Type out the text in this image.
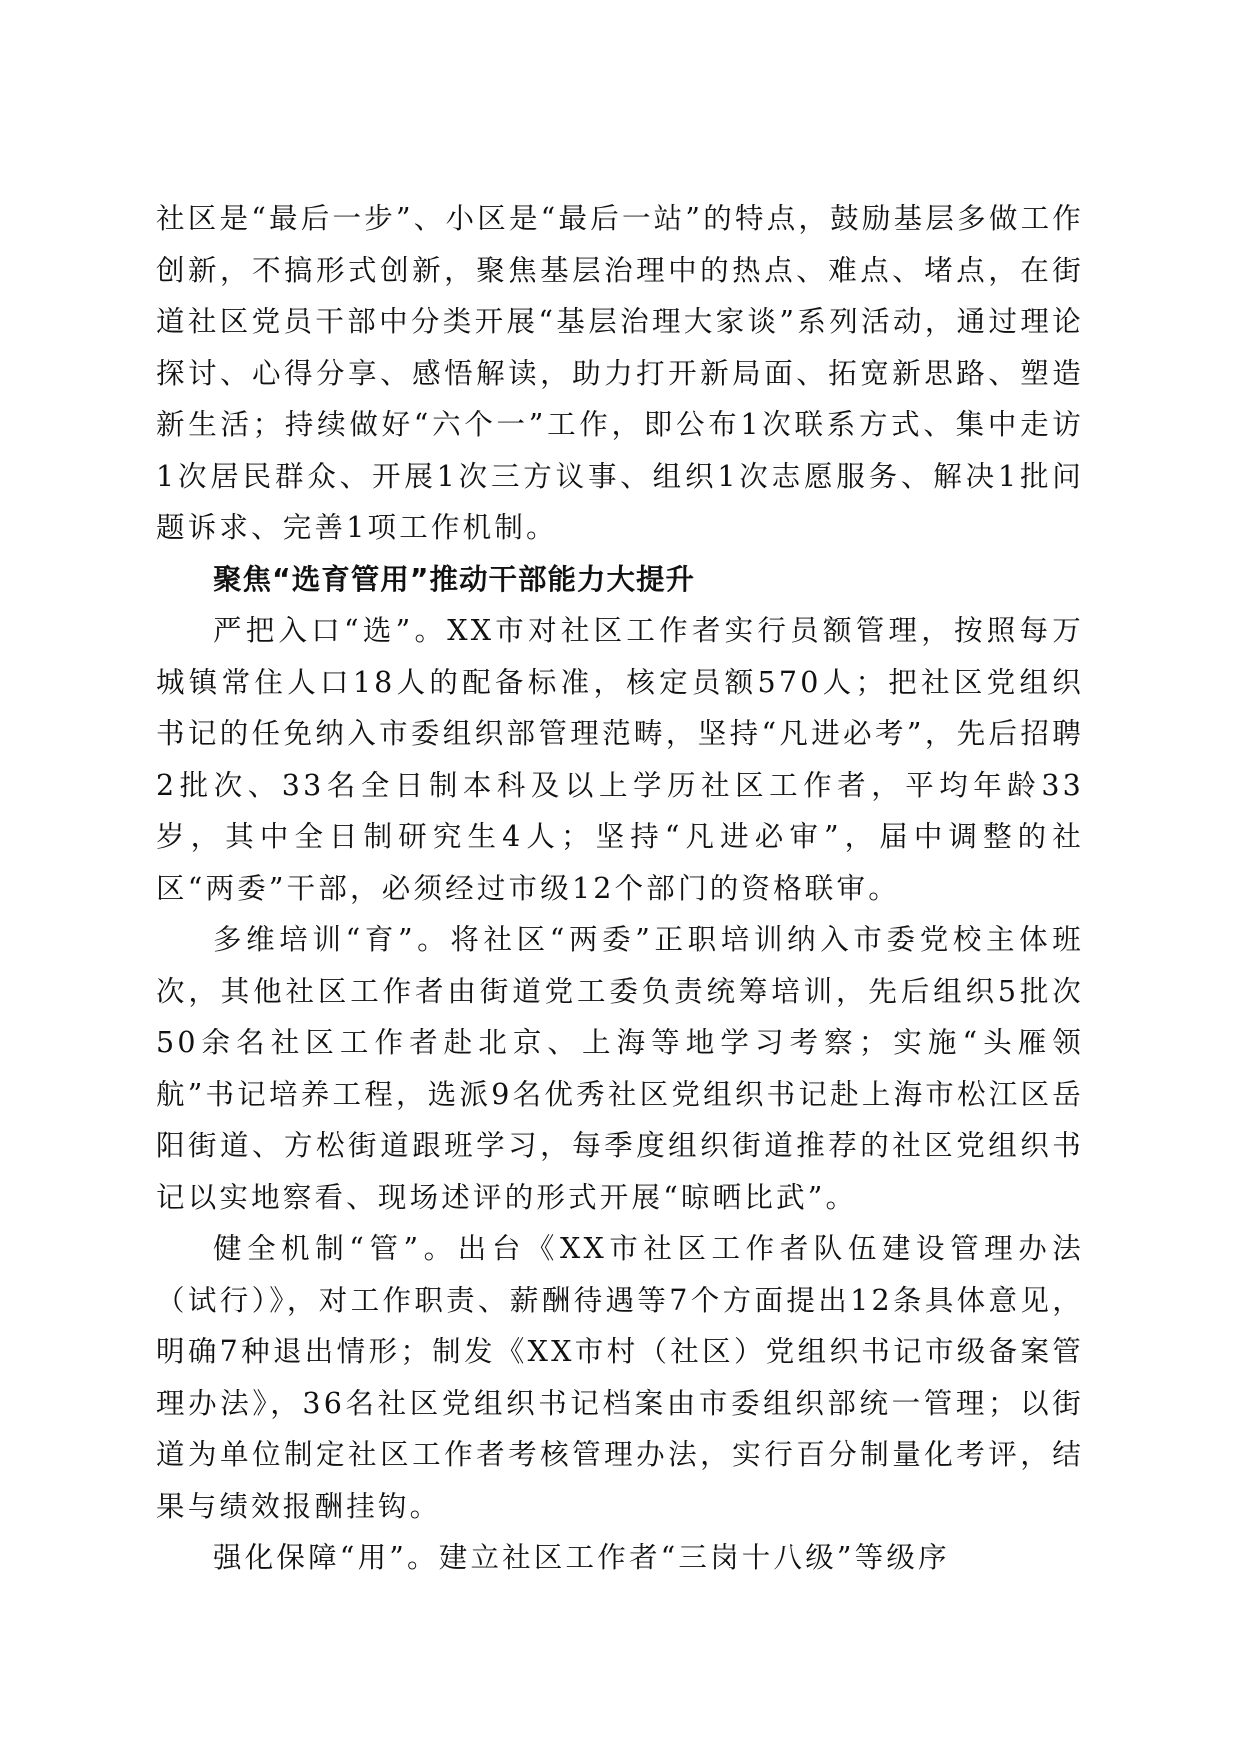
社区是“最后一步”、小区是“最后一站”的特点，鼓励基层多做工作创新，不搞形式创新，聚焦基层治理中的热点、难点、堵点，在街道社区党员干部中分类开展“基层治理大家谈”系列活动，通过理论探讨、心得分享、感悟解读，助力打开新局面、拓宽新思路、塑造新生活；持续做好“六个一”工作，即公布1次联系方式、集中走访1次居民群众、开展1次三方议事、组织1次志愿服务、解决1批问题诉求、完善1项工作机制。

聚焦“选育管用”推动干部能力大提升

严把入口“选”。XX市对社区工作者实行员额管理，按照每万城镇常住人口18人的配备标准，核定员额570人；把社区党组织书记的任免纳入市委组织部管理范畴，坚持“凡进必考”，先后招聘2批次、33名全日制本科及以上学历社区工作者，平均年龄33岁，其中全日制研究生4人；坚持“凡进必审”，届中调整的社区“两委”干部，必须经过市级12个部门的资格联审。

多维培训“育”。将社区“两委”正职培训纳入市委党校主体班次，其他社区工作者由街道党工委负责统筹培训，先后组织5批次50余名社区工作者赴北京、上海等地学习考察；实施“头雁领航”书记培养工程，选派9名优秀社区党组织书记赴上海市松江区岳阳街道、方松街道跟班学习，每季度组织街道推荐的社区党组织书记以实地察看、现场述评的形式开展“晾晒比武”。

健全机制“管”。出台《XX市社区工作者队伍建设管理办法（试行）》，对工作职责、薪酬待遇等7个方面提出12条具体意见，明确7种退出情形；制发《XX市村（社区）党组织书记市级备案管理办法》，36名社区党组织书记档案由市委组织部统一管理；以街道为单位制定社区工作者考核管理办法，实行百分制量化考评，结果与绩效报酬挂钩。

强化保障“用”。建立社区工作者“三岗十八级”等级序
